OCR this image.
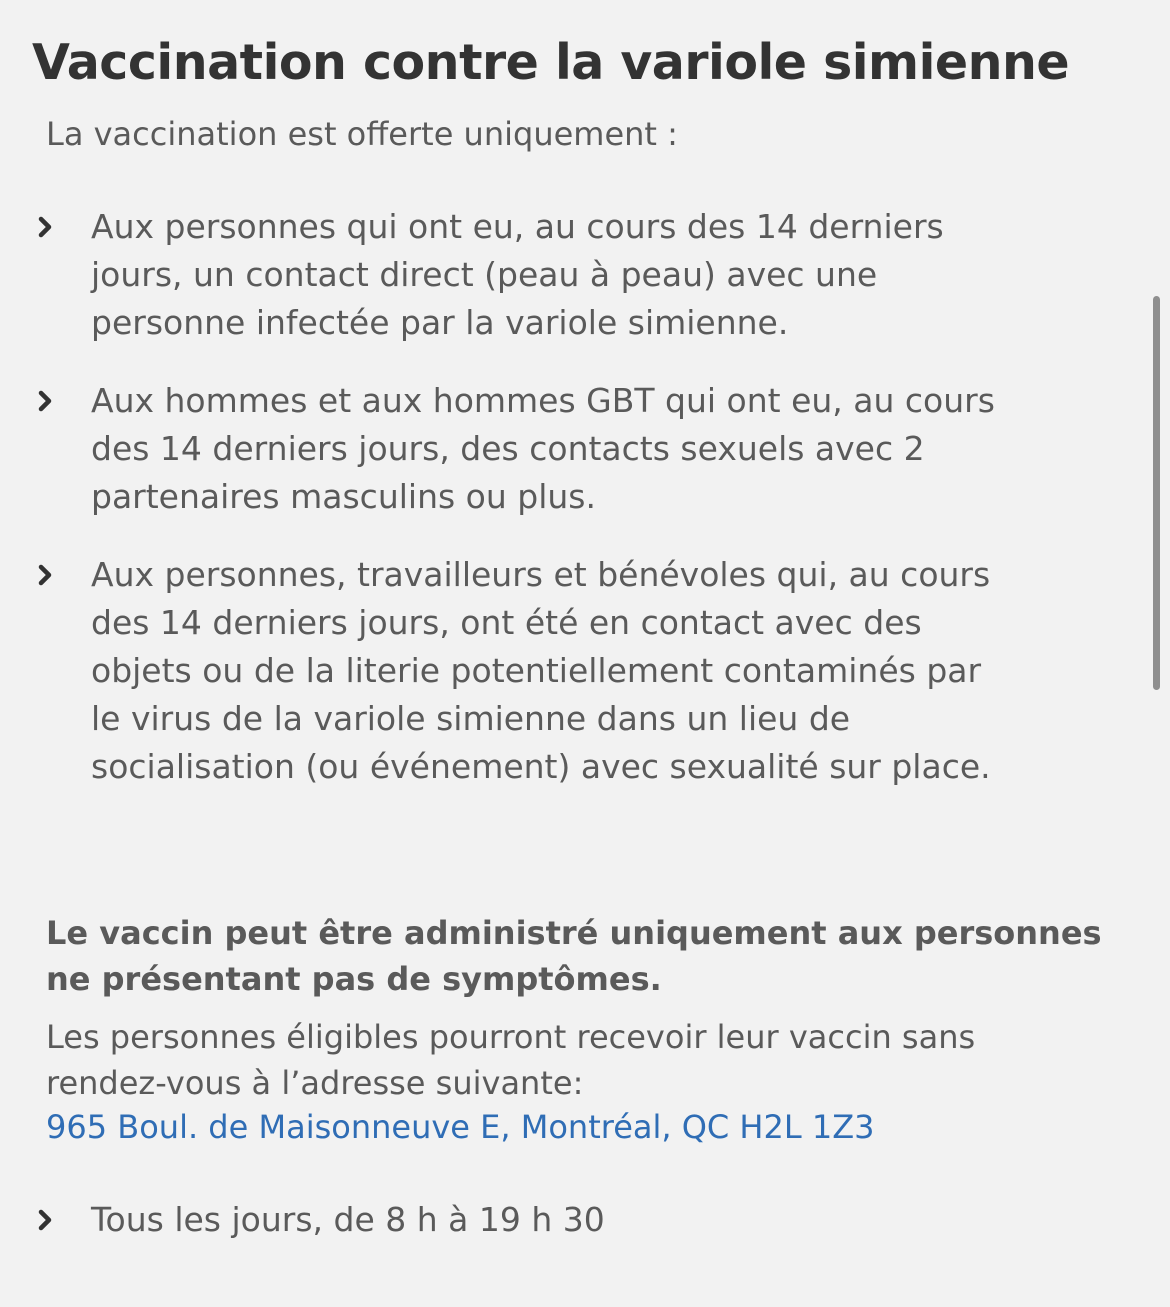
Vaccination contre la variole simienne
La vaccination est offerte uniquement :
Aux personnes qui ont eu, au cours des 14 derniers
jours, un contact direct (peau à peau) avec une
personne infectée par la variole simienne.
Aux hommes et aux hommes GBT qui ont eu, au cours
des 14 derniers jours, des contacts sexuels avec 2
partenaires masculins ou plus.
Aux personnes, travailleurs et bénévoles qui, au cours
des 14 derniers jours, ont été en contact avec des
objets ou de la literie potentiellement contaminés par
le virus de la variole simienne dans un lieu de
socialisation (ou événement) avec sexualité sur place.
Le vaccin peut être administré uniquement aux personnes
ne présentant pas de symptômes.
Les personnes éligibles pourront recevoir leur vaccin sans
rendez-vous à l’adresse suivante:
965 Boul. de Maisonneuve E, Montréal, QC H2L 1Z3
Tous les jours, de 8 h à 19 h 30
